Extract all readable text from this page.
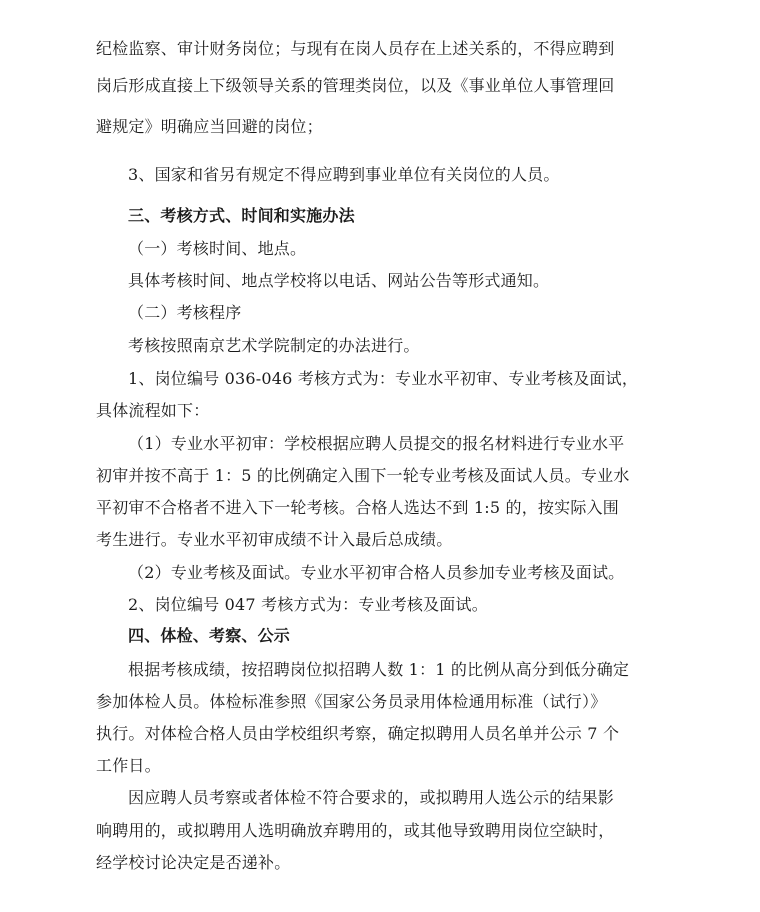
纪检监察、审计财务岗位；与现有在岗人员存在上述关系的，不得应聘到
岗后形成直接上下级领导关系的管理类岗位，以及《事业单位人事管理回
避规定》明确应当回避的岗位；
3、国家和省另有规定不得应聘到事业单位有关岗位的人员。
三、考核方式、时间和实施办法
（一）考核时间、地点。
具体考核时间、地点学校将以电话、网站公告等形式通知。
（二）考核程序
考核按照南京艺术学院制定的办法进行。
1、岗位编号 036-046 考核方式为：专业水平初审、专业考核及面试，
具体流程如下：
（1）专业水平初审：学校根据应聘人员提交的报名材料进行专业水平
初审并按不高于 1：5 的比例确定入围下一轮专业考核及面试人员。专业水
平初审不合格者不进入下一轮考核。合格人选达不到 1:5 的，按实际入围
考生进行。专业水平初审成绩不计入最后总成绩。
（2）专业考核及面试。专业水平初审合格人员参加专业考核及面试。
2、岗位编号 047 考核方式为：专业考核及面试。
四、体检、考察、公示
根据考核成绩，按招聘岗位拟招聘人数 1：1 的比例从高分到低分确定
参加体检人员。体检标准参照《国家公务员录用体检通用标准（试行）》
执行。对体检合格人员由学校组织考察，确定拟聘用人员名单并公示 7 个
工作日。
因应聘人员考察或者体检不符合要求的，或拟聘用人选公示的结果影
响聘用的，或拟聘用人选明确放弃聘用的，或其他导致聘用岗位空缺时，
经学校讨论决定是否递补。
